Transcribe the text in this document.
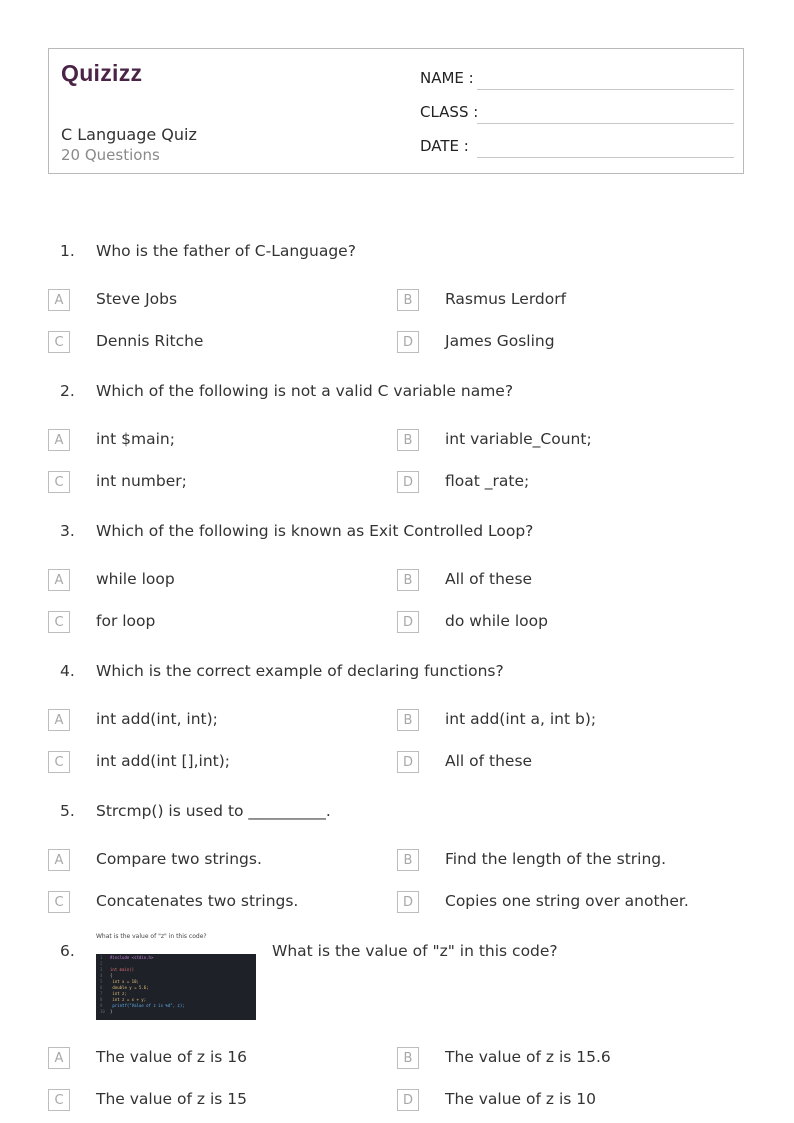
Quizizz
C Language Quiz
20 Questions
NAME :
CLASS :
DATE :
1. Who is the father of C-Language?
A	Steve Jobs	B	Rasmus Lerdorf
C	Dennis Ritche	D	James Gosling
2. Which of the following is not a valid C variable name?
A	int $main;	B	int variable_Count;
C	int number;	D	float _rate;
3. Which of the following is known as Exit Controlled Loop?
A	while loop	B	All of these
C	for loop	D	do while loop
4. Which is the correct example of declaring functions?
A	int add(int, int);	B	int add(int a, int b);
C	int add(int [],int);	D	All of these
5. Strcmp() is used to __________.
A	Compare two strings.	B	Find the length of the string.
C	Concatenates two strings.	D	Copies one string over another.
6.
What is the value of "z" in this code?
1 #include <stdio.h>
2
3 int main()
4 {
5 int x = 10;
6 double y = 5.6;
7 int z;
8 int z = x + y;
9 printf("Value of z is %d", z);
10 }
What is the value of "z" in this code?
A	The value of z is 16	B	The value of z is 15.6
C	The value of z is 15	D	The value of z is 10
